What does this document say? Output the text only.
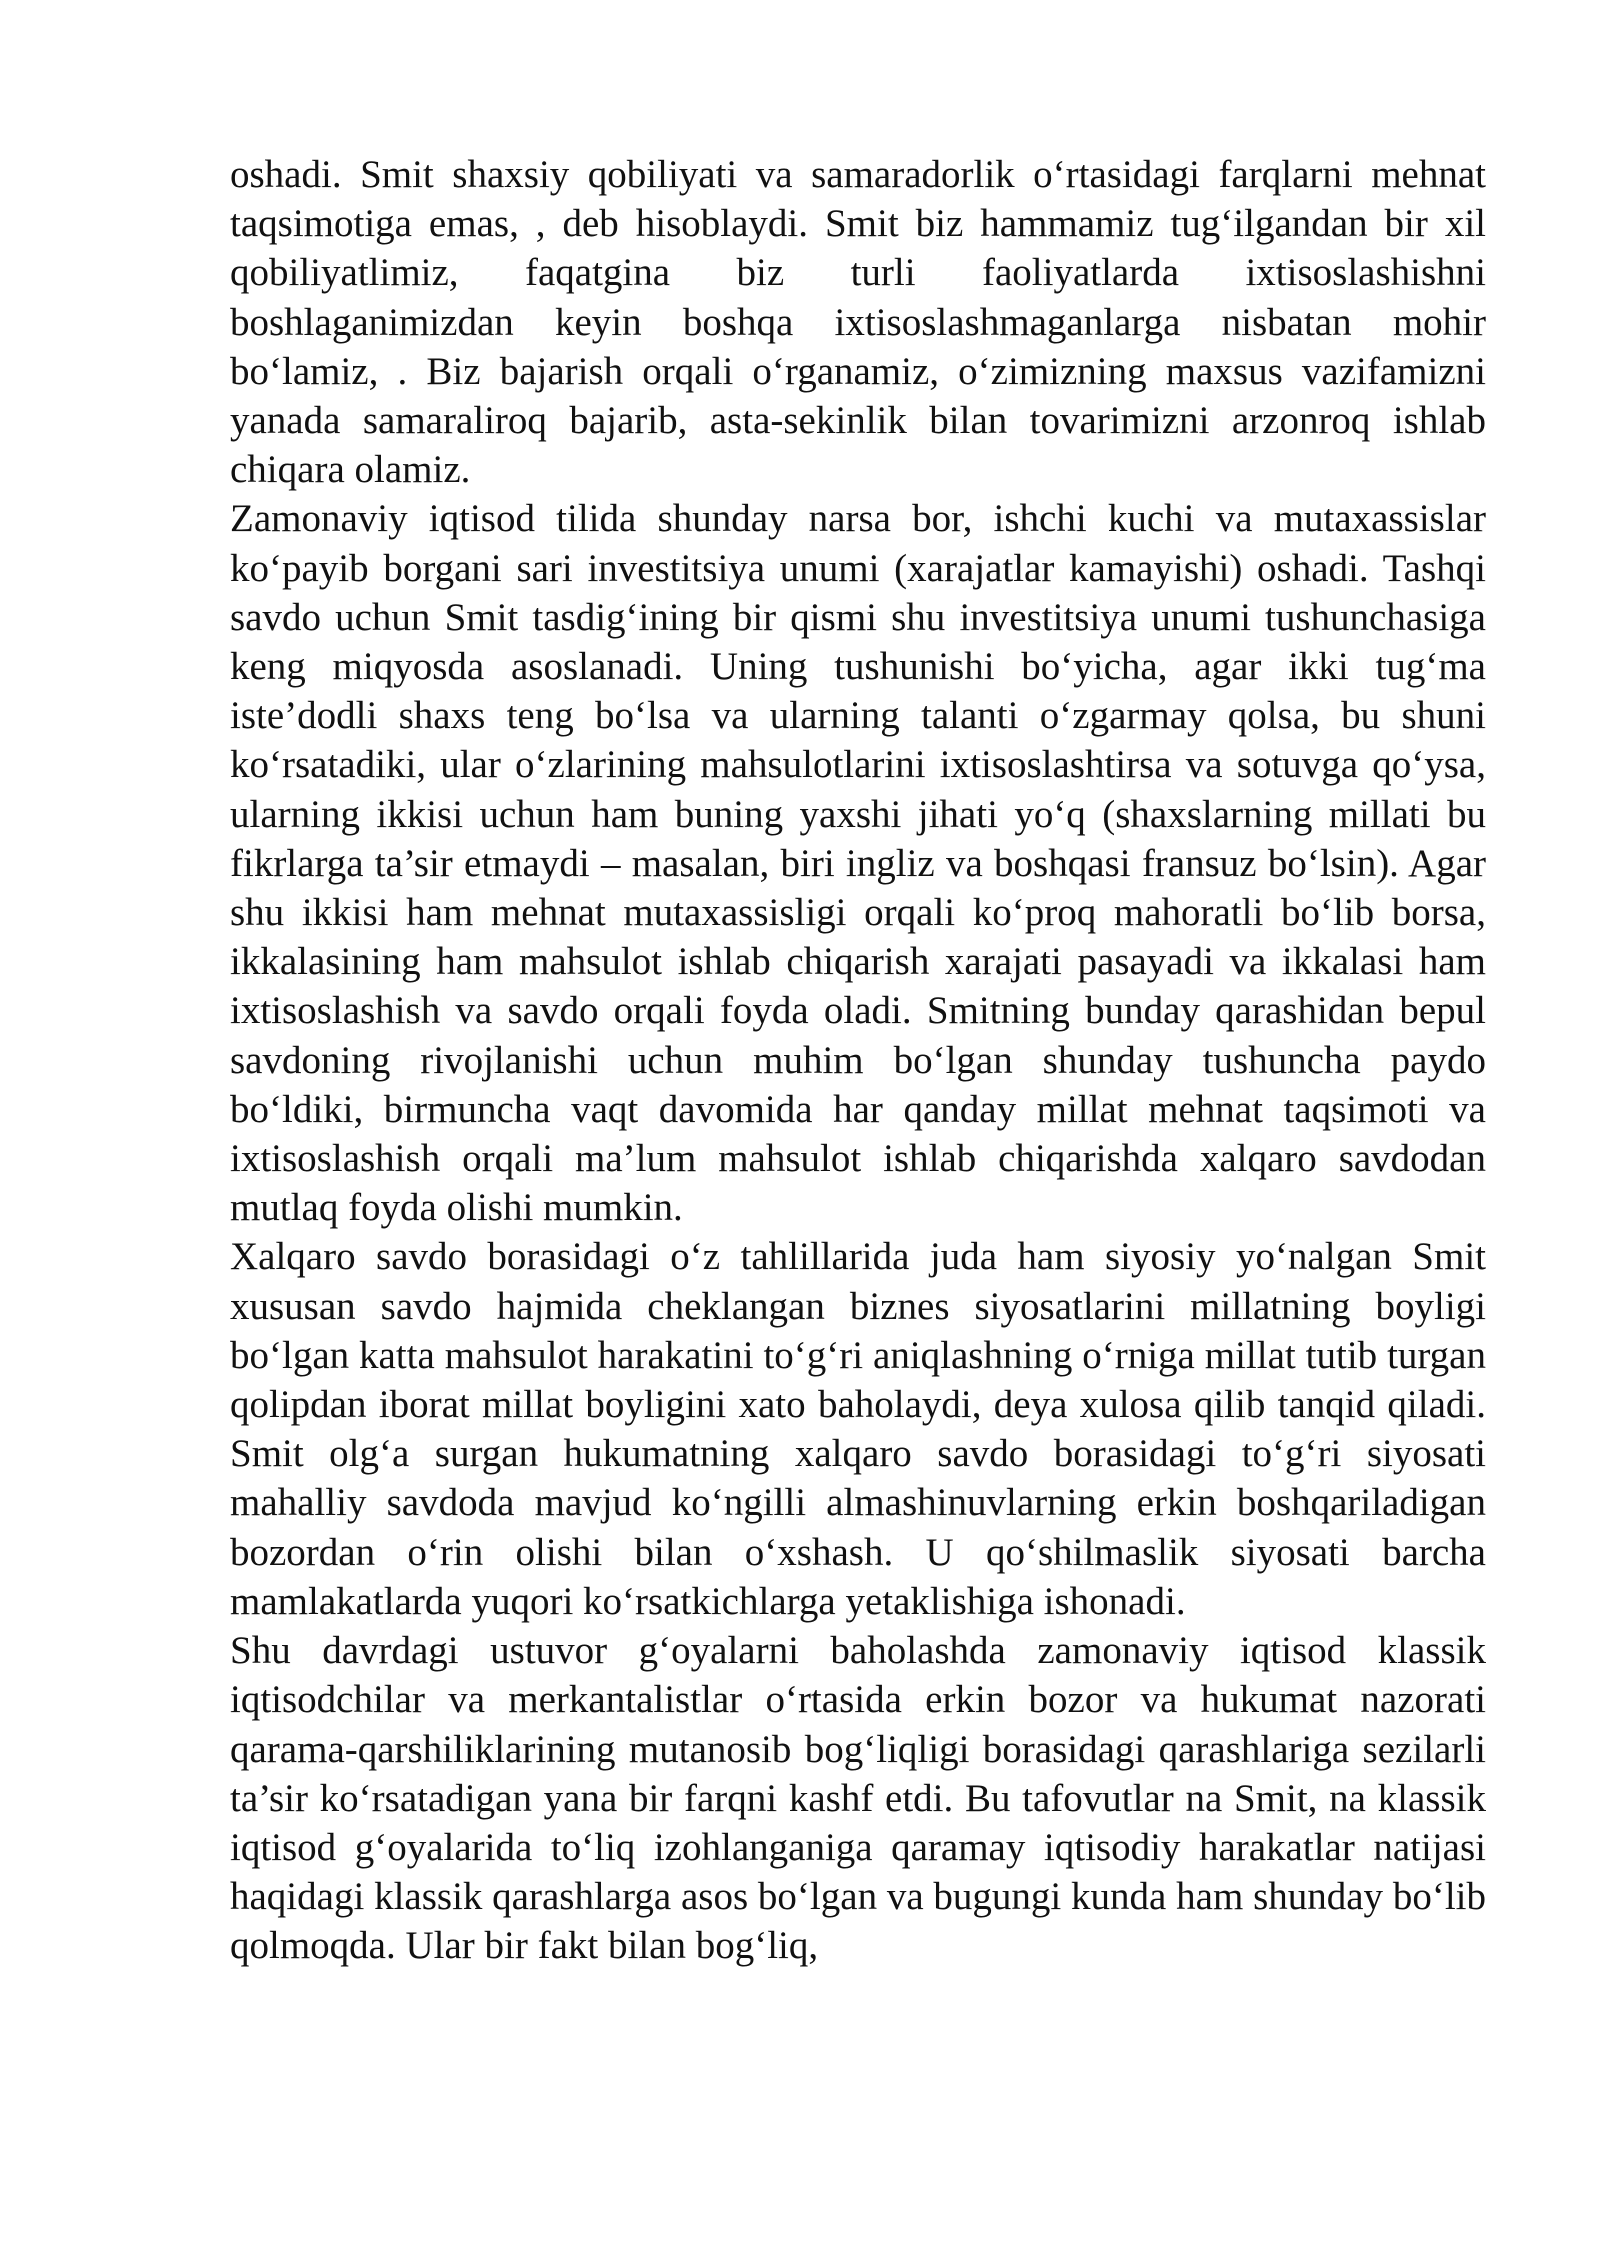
oshadi. Smit shaxsiy qobiliyati va samaradorlik o‘rtasidagi farqlarni mehnat taqsimotiga emas, , deb hisoblaydi. Smit biz hammamiz tug‘ilgandan bir xil qobiliyatlimiz, faqatgina biz turli faoliyatlarda ixtisoslashishni boshlaganimizdan keyin boshqa ixtisoslashmaganlarga nisbatan mohir bo‘lamiz, . Biz bajarish orqali o‘rganamiz, o‘zimizning maxsus vazifamizni yanada samaraliroq bajarib, asta-sekinlik bilan tovarimizni arzonroq ishlab chiqara olamiz.

Zamonaviy iqtisod tilida shunday narsa bor, ishchi kuchi va mutaxassislar ko‘payib borgani sari investitsiya unumi (xarajatlar kamayishi) oshadi. Tashqi savdo uchun Smit tasdig‘ining bir qismi shu investitsiya unumi tushunchasiga keng miqyosda asoslanadi. Uning tushunishi bo‘yicha, agar ikki tug‘ma iste’dodli shaxs teng bo‘lsa va ularning talanti o‘zgarmay qolsa, bu shuni ko‘rsatadiki, ular o‘zlarining mahsulotlarini ixtisoslashtirsa va sotuvga qo‘ysa, ularning ikkisi uchun ham buning yaxshi jihati yo‘q (shaxslarning millati bu fikrlarga ta’sir etmaydi – masalan, biri ingliz va boshqasi fransuz bo‘lsin). Agar shu ikkisi ham mehnat mutaxassisligi orqali ko‘proq mahoratli bo‘lib borsa, ikkalasining ham mahsulot ishlab chiqarish xarajati pasayadi va ikkalasi ham ixtisoslashish va savdo orqali foyda oladi. Smitning bunday qarashidan bepul savdoning rivojlanishi uchun muhim bo‘lgan shunday tushuncha paydo bo‘ldiki, birmuncha vaqt davomida har qanday millat mehnat taqsimoti va ixtisoslashish orqali ma’lum mahsulot ishlab chiqarishda xalqaro savdodan mutlaq foyda olishi mumkin.

Xalqaro savdo borasidagi o‘z tahlillarida juda ham siyosiy yo‘nalgan Smit xususan savdo hajmida cheklangan biznes siyosatlarini millatning boyligi bo‘lgan katta mahsulot harakatini to‘g‘ri aniqlashning o‘rniga millat tutib turgan qolipdan iborat millat boyligini xato baholaydi, deya xulosa qilib tanqid qiladi. Smit olg‘a surgan hukumatning xalqaro savdo borasidagi to‘g‘ri siyosati mahalliy savdoda mavjud ko‘ngilli almashinuvlarning erkin boshqariladigan bozordan o‘rin olishi bilan o‘xshash. U qo‘shilmaslik siyosati barcha mamlakatlarda yuqori ko‘rsatkichlarga yetaklishiga ishonadi.

Shu davrdagi ustuvor g‘oyalarni baholashda zamonaviy iqtisod klassik iqtisodchilar va merkantalistlar o‘rtasida erkin bozor va hukumat nazorati qarama-qarshiliklarining mutanosib bog‘liqligi borasidagi qarashlariga sezilarli ta’sir ko‘rsatadigan yana bir farqni kashf etdi. Bu tafovutlar na Smit, na klassik iqtisod g‘oyalarida to‘liq izohlanganiga qaramay iqtisodiy harakatlar natijasi haqidagi klassik qarashlarga asos bo‘lgan va bugungi kunda ham shunday bo‘lib qolmoqda. Ular bir fakt bilan bog‘liq,
